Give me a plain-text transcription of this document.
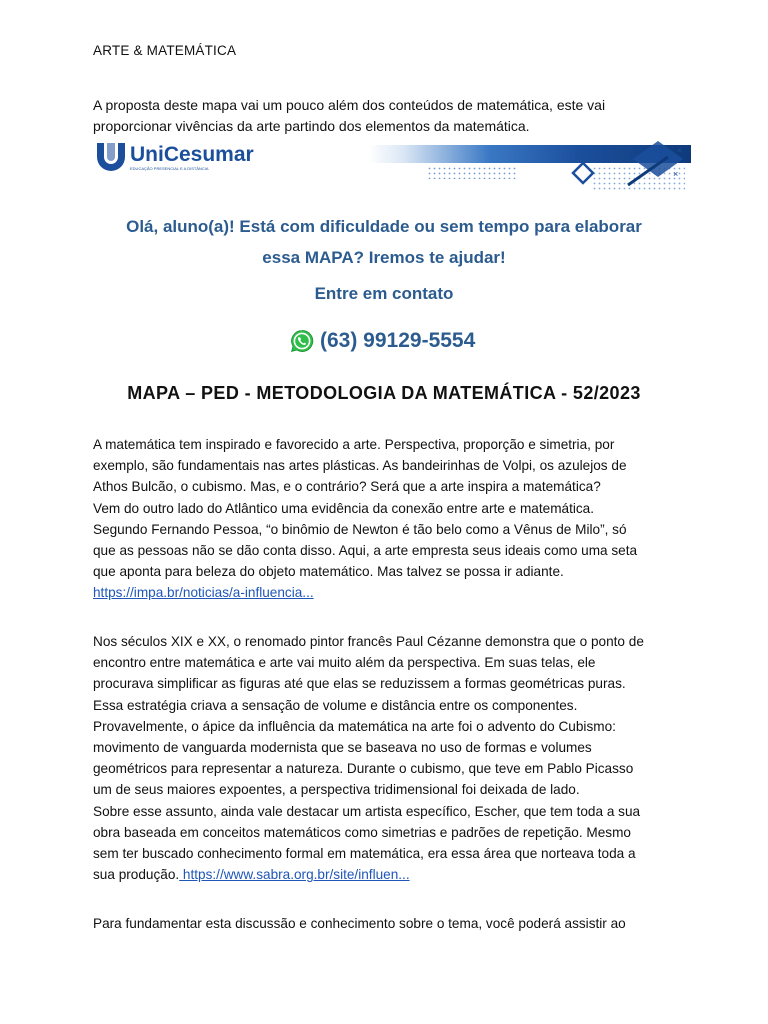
ARTE & MATEMÁTICA
A proposta deste mapa vai um pouco além dos conteúdos de matemática, este vai
proporcionar vivências da arte partindo dos elementos da matemática.
UniCesumar
EDUCAÇÃO PRESENCIAL E A DISTÂNCIA
×
×
Olá, aluno(a)! Está com dificuldade ou sem tempo para elaborar
essa MAPA? Iremos te ajudar!
Entre em contato
(63) 99129-5554
MAPA – PED - METODOLOGIA DA MATEMÁTICA - 52/2023

A matemática tem inspirado e favorecido a arte. Perspectiva, proporção e simetria, por

exemplo, são fundamentais nas artes plásticas. As bandeirinhas de Volpi, os azulejos de

Athos Bulcão, o cubismo. Mas, e o contrário? Será que a arte inspira a matemática?

Vem do outro lado do Atlântico uma evidência da conexão entre arte e matemática.

Segundo Fernando Pessoa, “o binômio de Newton é tão belo como a Vênus de Milo”, só

que as pessoas não se dão conta disso. Aqui, a arte empresta seus ideais como uma seta

que aponta para beleza do objeto matemático. Mas talvez se possa ir adiante.

https://impa.br/noticias/a-influencia...

Nos séculos XIX e XX, o renomado pintor francês Paul Cézanne demonstra que o ponto de

encontro entre matemática e arte vai muito além da perspectiva. Em suas telas, ele

procurava simplificar as figuras até que elas se reduzissem a formas geométricas puras.

Essa estratégia criava a sensação de volume e distância entre os componentes.

Provavelmente, o ápice da influência da matemática na arte foi o advento do Cubismo:

movimento de vanguarda modernista que se baseava no uso de formas e volumes

geométricos para representar a natureza. Durante o cubismo, que teve em Pablo Picasso

um de seus maiores expoentes, a perspectiva tridimensional foi deixada de lado.

Sobre esse assunto, ainda vale destacar um artista específico, Escher, que tem toda a sua

obra baseada em conceitos matemáticos como simetrias e padrões de repetição. Mesmo

sem ter buscado conhecimento formal em matemática, era essa área que norteava toda a

sua produção. https://www.sabra.org.br/site/influen...

Para fundamentar esta discussão e conhecimento sobre o tema, você poderá assistir ao
